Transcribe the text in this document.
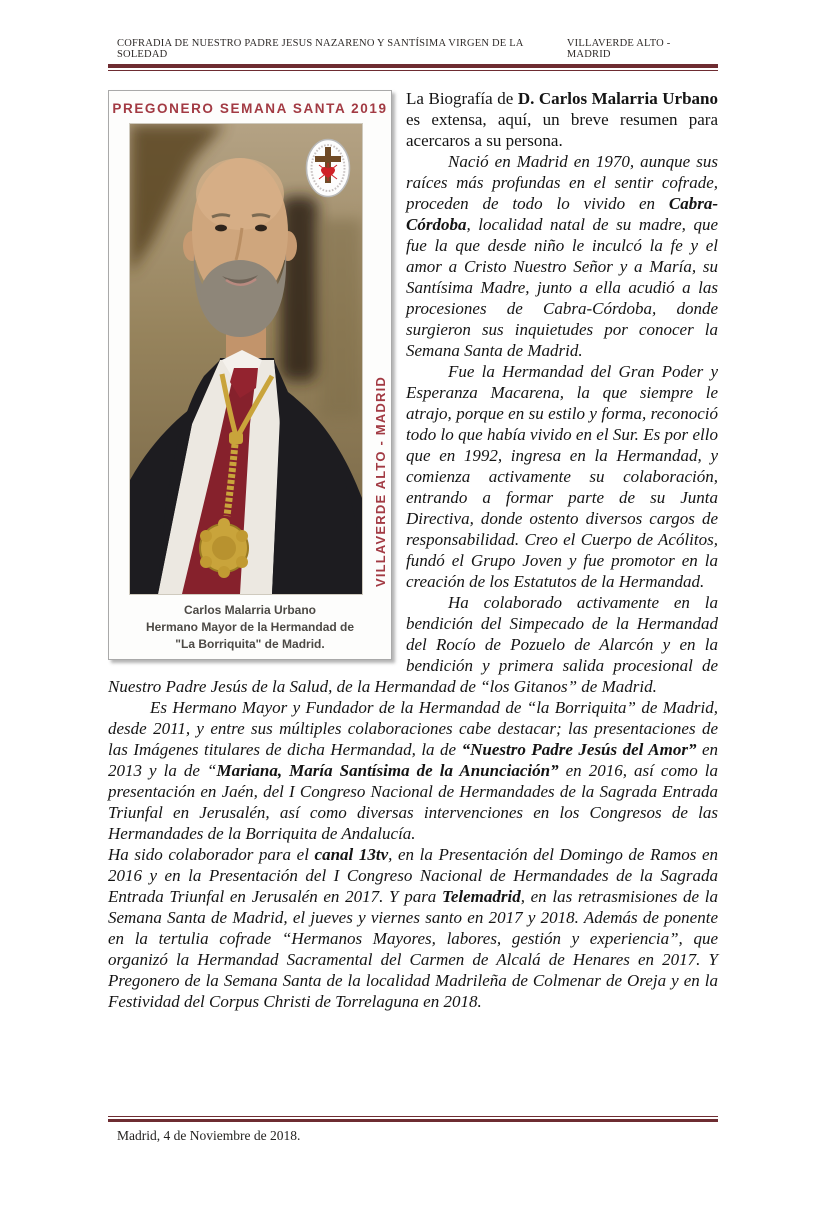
COFRADIA DE NUESTRO PADRE JESUS NAZARENO Y SANTÍSIMA VIRGEN DE LA SOLEDAD
VILLAVERDE ALTO - MADRID
PREGONERO SEMANA SANTA 2019
VILLAVERDE ALTO - MADRID
Carlos Malarria Urbano
Hermano Mayor de la Hermandad de
"La Borriquita" de Madrid.

La Biografía de D. Carlos Malarria Urbano es extensa, aquí, un breve resumen para acercaros a su persona.

Nació en Madrid en 1970, aunque sus raíces más profundas en el sentir cofrade, proceden de todo lo vivido en Cabra- Córdoba, localidad natal de su madre, que fue la que desde niño le inculcó la fe y el amor a Cristo Nuestro Señor y a María, su Santísima Madre, junto a ella acudió a las procesiones de Cabra-Córdoba, donde surgieron sus inquietudes por conocer la Semana Santa de Madrid.

Fue la Hermandad del Gran Poder y Esperanza Macarena, la que siempre le atrajo, porque en su estilo y forma, reconoció todo lo que había vivido en el Sur. Es por ello que en 1992, ingresa en la Hermandad, y comienza activamente su colaboración, entrando a formar parte de su Junta Directiva, donde ostento diversos cargos de responsabilidad. Creo el Cuerpo de Acólitos, fundó el Grupo Joven y fue promotor en la creación de los Estatutos de la Hermandad.

Ha colaborado activamente en la bendición del Simpecado de la Hermandad del Rocío de Pozuelo de Alarcón y en la bendición y primera salida procesional de Nuestro Padre Jesús de la Salud, de la Hermandad de “los Gitanos” de Madrid.

Es Hermano Mayor y Fundador de la Hermandad de “la Borriquita” de Madrid, desde 2011, y entre sus múltiples colaboraciones cabe destacar; las presentaciones de las Imágenes titulares de dicha Hermandad, la de “Nuestro Padre Jesús del Amor” en 2013 y la de “Mariana, María Santísima de la Anunciación” en 2016, así como la presentación en Jaén, del I Congreso Nacional de Hermandades de la Sagrada Entrada Triunfal en Jerusalén, así como diversas intervenciones en los Congresos de las Hermandades de la Borriquita de Andalucía.

Ha sido colaborador para el canal 13tv, en la Presentación del Domingo de Ramos en 2016 y en la Presentación del I Congreso Nacional de Hermandades de la Sagrada Entrada Triunfal en Jerusalén en 2017. Y para Telemadrid, en las retrasmisiones de la Semana Santa de Madrid, el jueves y viernes santo en 2017 y 2018. Además de ponente en la tertulia cofrade “Hermanos Mayores, labores, gestión y experiencia”, que organizó la Hermandad Sacramental del Carmen de Alcalá de Henares en 2017. Y Pregonero de la Semana Santa de la localidad Madrileña de Colmenar de Oreja y en la Festividad del Corpus Christi de Torrelaguna en 2018.

Madrid, 4 de Noviembre de 2018.
